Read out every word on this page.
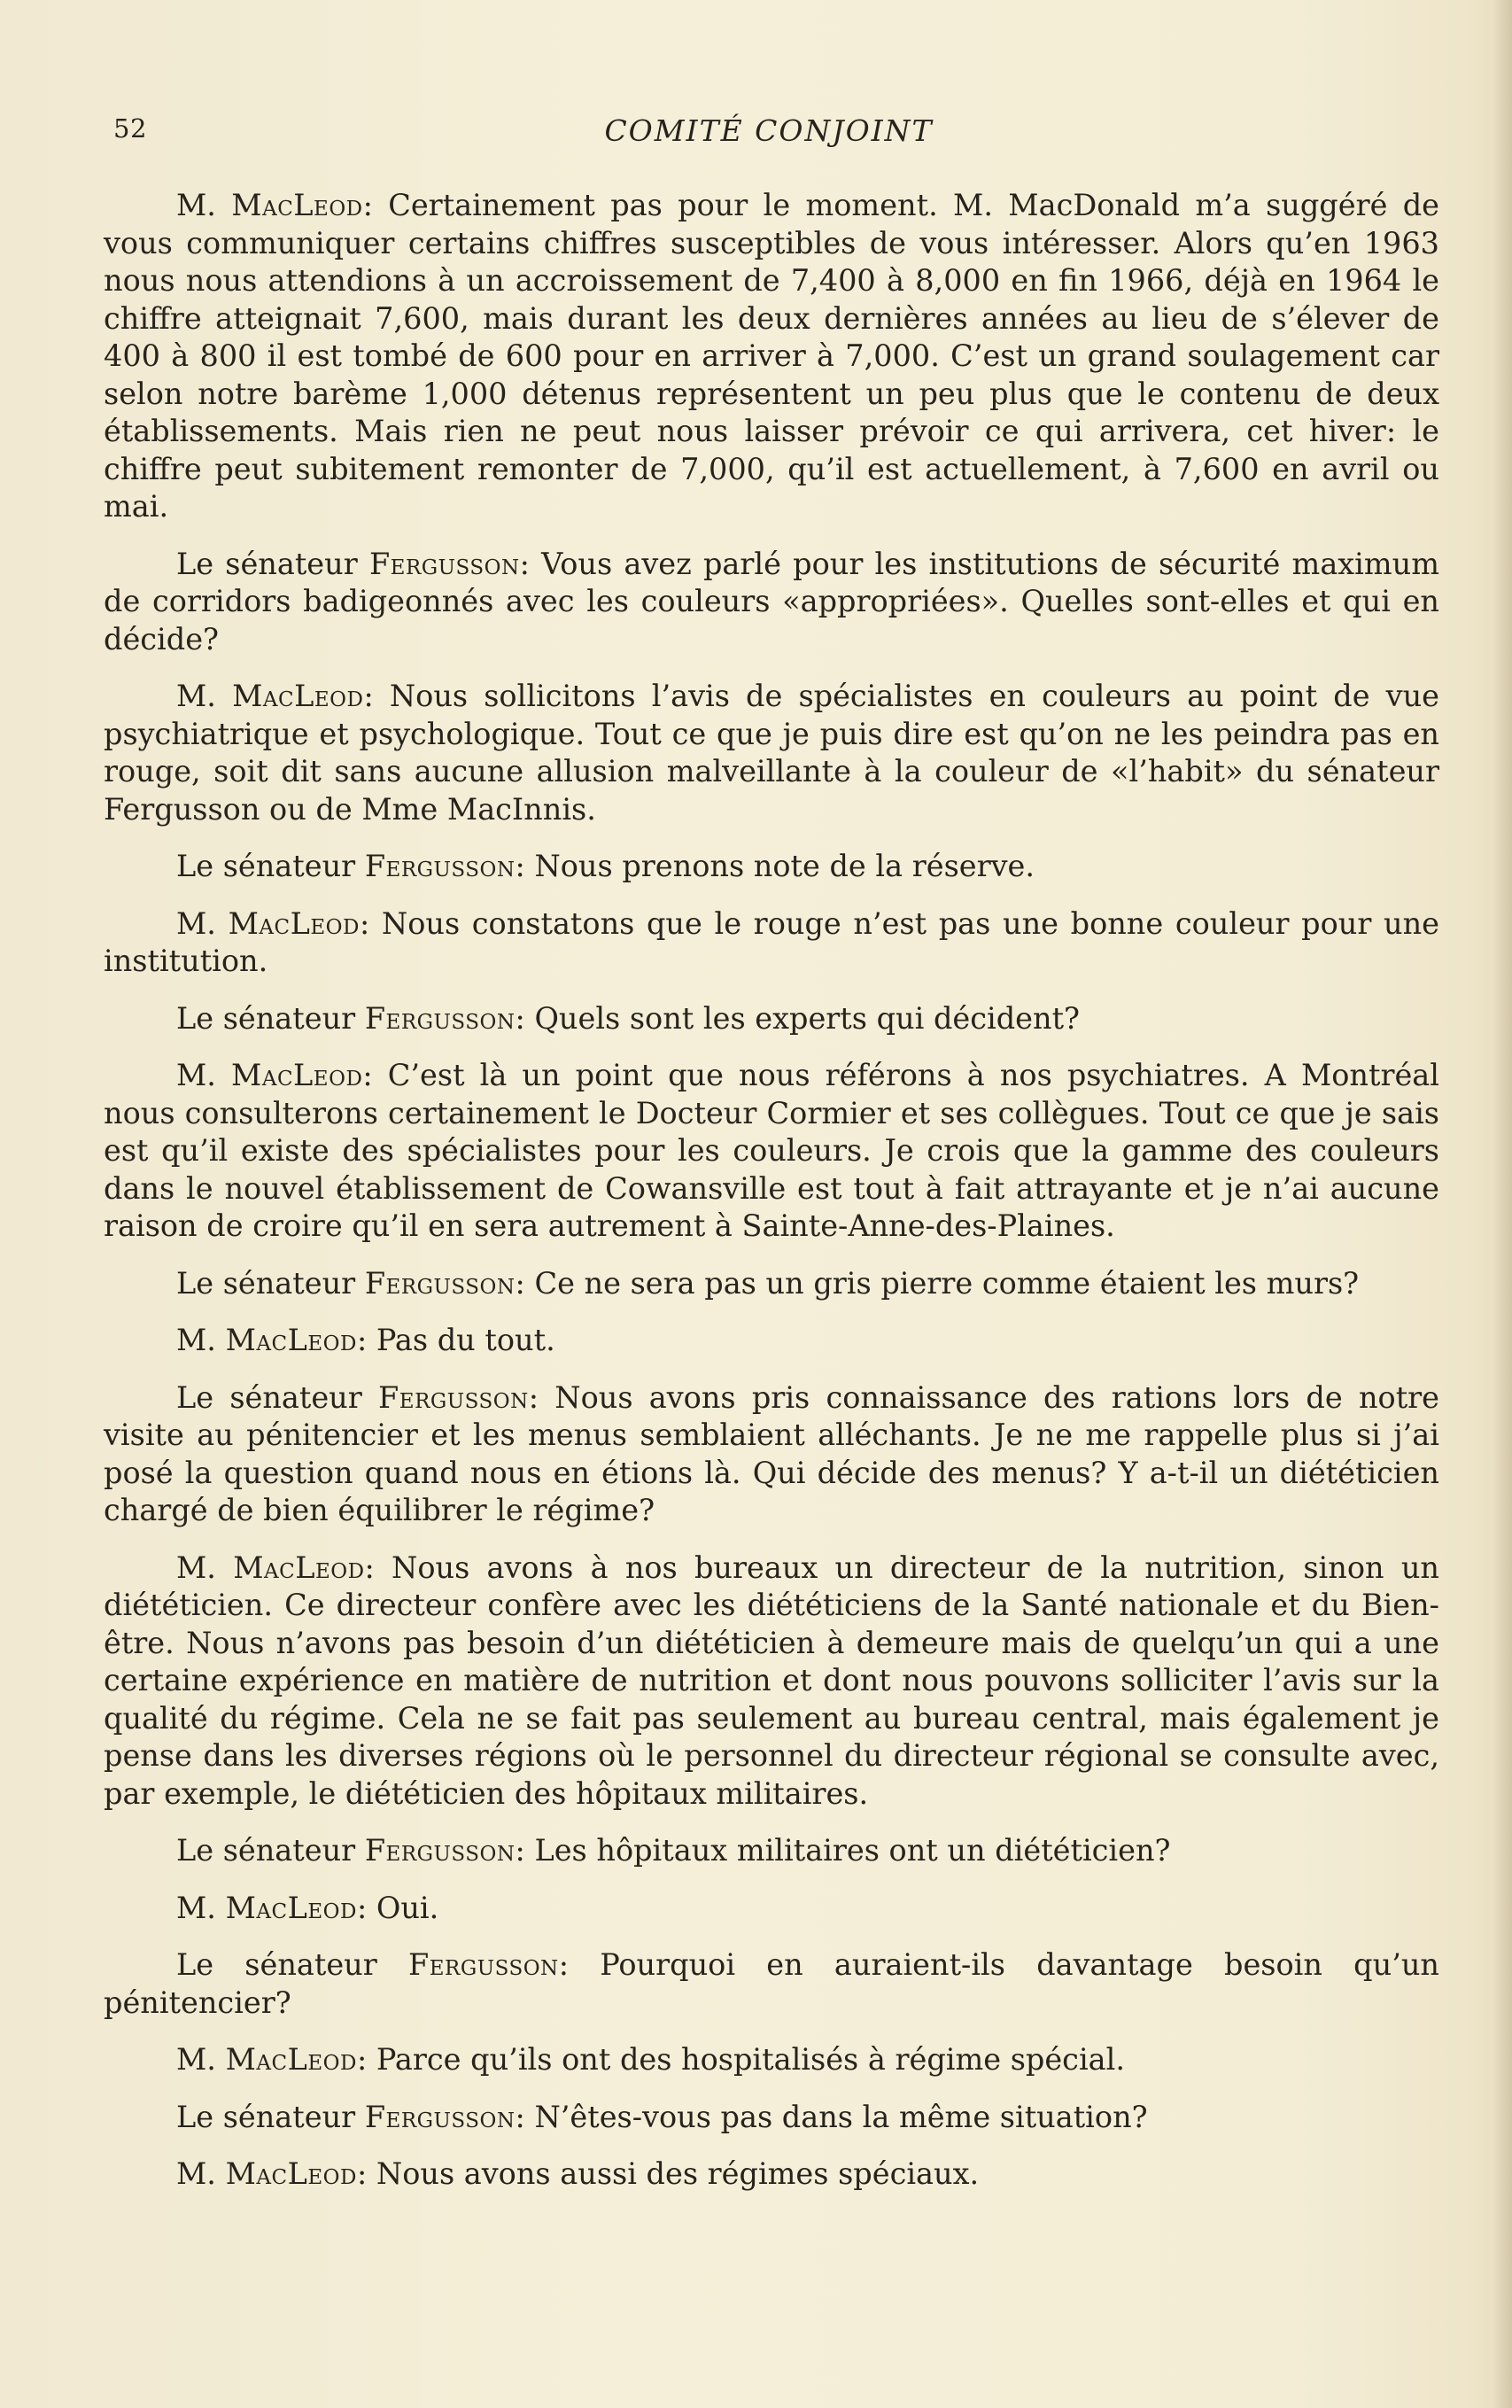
52	COMITÉ CONJOINT

M. MacLeod: Certainement pas pour le moment. M. MacDonald m’a suggéré de vous communiquer certains chiffres susceptibles de vous intéresser. Alors qu’en 1963 nous nous attendions à un accroissement de 7,400 à 8,000 en fin 1966, déjà en 1964 le chiffre atteignait 7,600, mais durant les deux dernières années au lieu de s’élever de 400 à 800 il est tombé de 600 pour en arriver à 7,000. C’est un grand soulagement car selon notre barème 1,000 détenus représentent un peu plus que le contenu de deux établissements. Mais rien ne peut nous laisser prévoir ce qui arrivera, cet hiver: le chiffre peut subitement remonter de 7,000, qu’il est actuellement, à 7,600 en avril ou mai.

Le sénateur Fergusson: Vous avez parlé pour les institutions de sécurité maximum de corridors badigeonnés avec les couleurs «appropriées». Quelles sont-elles et qui en décide?

M. MacLeod: Nous sollicitons l’avis de spécialistes en couleurs au point de vue psychiatrique et psychologique. Tout ce que je puis dire est qu’on ne les peindra pas en rouge, soit dit sans aucune allusion malveillante à la couleur de «l’habit» du sénateur Fergusson ou de Mme MacInnis.

Le sénateur Fergusson: Nous prenons note de la réserve.

M. MacLeod: Nous constatons que le rouge n’est pas une bonne couleur pour une institution.

Le sénateur Fergusson: Quels sont les experts qui décident?

M. MacLeod: C’est là un point que nous référons à nos psychiatres. A Montréal nous consulterons certainement le Docteur Cormier et ses collègues. Tout ce que je sais est qu’il existe des spécialistes pour les couleurs. Je crois que la gamme des couleurs dans le nouvel établissement de Cowansville est tout à fait attrayante et je n’ai aucune raison de croire qu’il en sera autrement à Sainte-Anne-des-Plaines.

Le sénateur Fergusson: Ce ne sera pas un gris pierre comme étaient les murs?

M. MacLeod: Pas du tout.

Le sénateur Fergusson: Nous avons pris connaissance des rations lors de notre visite au pénitencier et les menus semblaient alléchants. Je ne me rappelle plus si j’ai posé la question quand nous en étions là. Qui décide des menus? Y a-t-il un diététicien chargé de bien équilibrer le régime?

M. MacLeod: Nous avons à nos bureaux un directeur de la nutrition, sinon un diététicien. Ce directeur confère avec les diététiciens de la Santé nationale et du Bien-être. Nous n’avons pas besoin d’un diététicien à demeure mais de quelqu’un qui a une certaine expérience en matière de nutrition et dont nous pouvons solliciter l’avis sur la qualité du régime. Cela ne se fait pas seulement au bureau central, mais également je pense dans les diverses régions où le personnel du directeur régional se consulte avec, par exemple, le diététicien des hôpitaux militaires.

Le sénateur Fergusson: Les hôpitaux militaires ont un diététicien?

M. MacLeod: Oui.

Le sénateur Fergusson: Pourquoi en auraient-ils davantage besoin qu’un pénitencier?

M. MacLeod: Parce qu’ils ont des hospitalisés à régime spécial.

Le sénateur Fergusson: N’êtes-vous pas dans la même situation?

M. MacLeod: Nous avons aussi des régimes spéciaux.
